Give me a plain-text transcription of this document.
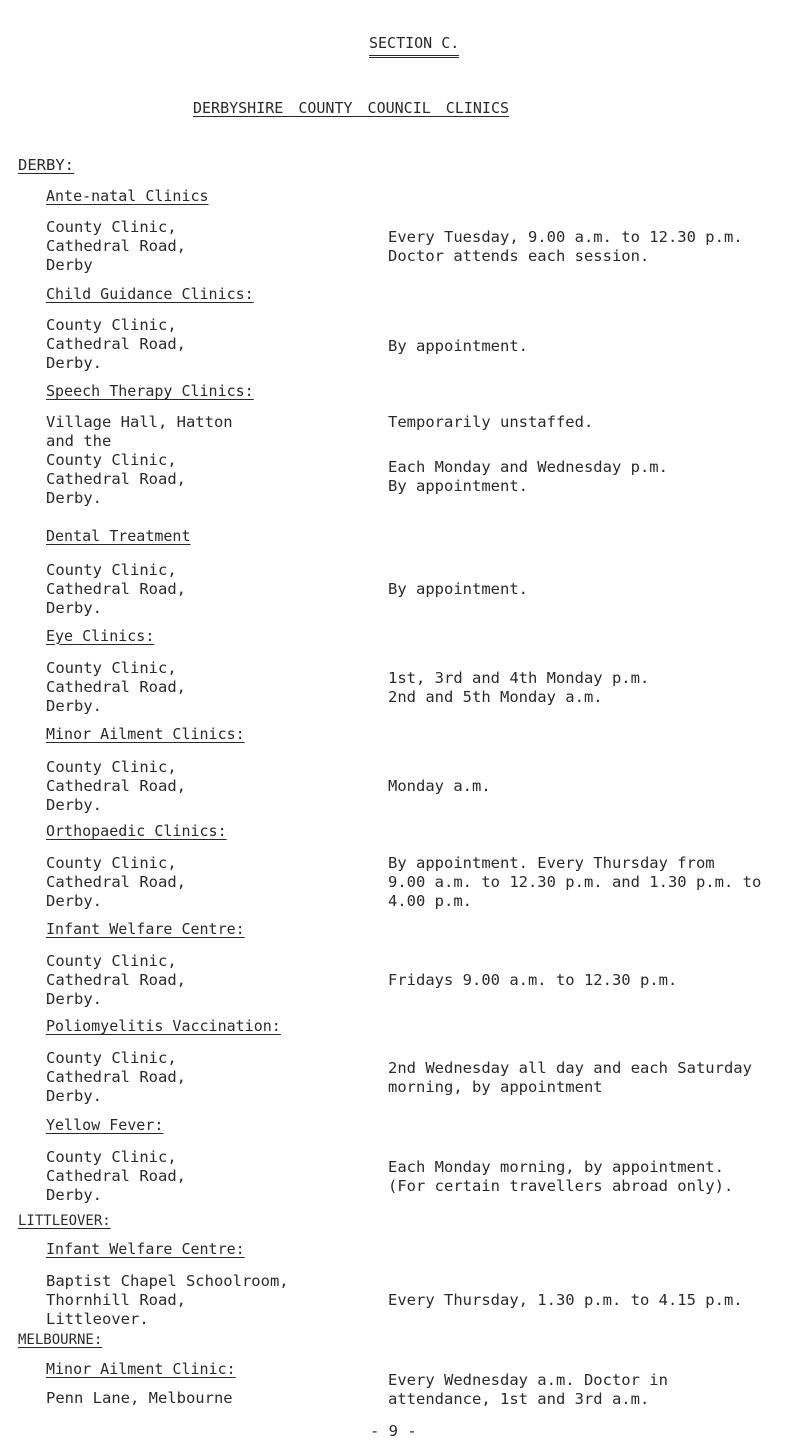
SECTION C.
DERBYSHIRE COUNTY COUNCIL CLINICS
DERBY:
Ante-natal Clinics
County Clinic,
Cathedral Road,
Derby
Every Tuesday, 9.00 a.m. to 12.30 p.m.
Doctor attends each session.
Child Guidance Clinics:
County Clinic,
Cathedral Road,
Derby.
By appointment.
Speech Therapy Clinics:
Village Hall, Hatton
and the
County Clinic,
Cathedral Road,
Derby.
Temporarily unstaffed.
Each Monday and Wednesday p.m.
By appointment.
Dental Treatment
County Clinic,
Cathedral Road,
Derby.
By appointment.
Eye Clinics:
County Clinic,
Cathedral Road,
Derby.
1st, 3rd and 4th Monday p.m.
2nd and 5th Monday a.m.
Minor Ailment Clinics:
County Clinic,
Cathedral Road,
Derby.
Monday a.m.
Orthopaedic Clinics:
County Clinic,
Cathedral Road,
Derby.
By appointment. Every Thursday from
9.00 a.m. to 12.30 p.m. and 1.30 p.m. to
4.00 p.m.
Infant Welfare Centre:
County Clinic,
Cathedral Road,
Derby.
Fridays 9.00 a.m. to 12.30 p.m.
Poliomyelitis Vaccination:
County Clinic,
Cathedral Road,
Derby.
2nd Wednesday all day and each Saturday
morning, by appointment
Yellow Fever:
County Clinic,
Cathedral Road,
Derby.
Each Monday morning, by appointment.
(For certain travellers abroad only).
LITTLEOVER:
Infant Welfare Centre:
Baptist Chapel Schoolroom,
Thornhill Road,
Littleover.
Every Thursday, 1.30 p.m. to 4.15 p.m.
MELBOURNE:
Minor Ailment Clinic:
Penn Lane, Melbourne
Every Wednesday a.m. Doctor in
attendance, 1st and 3rd a.m.
- 9 -
